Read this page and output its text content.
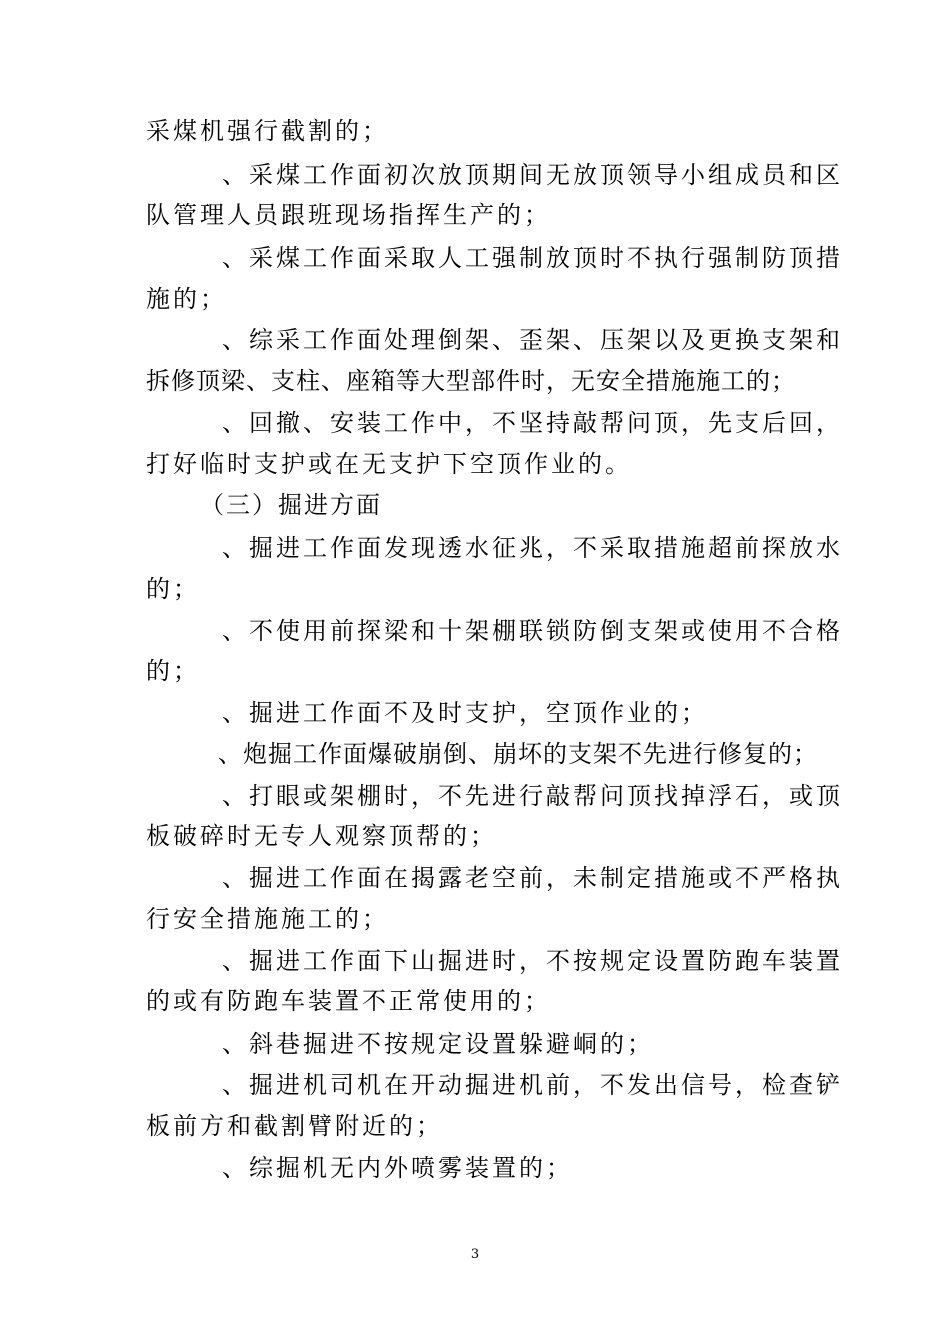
采煤机强行截割的；
、采煤工作面初次放顶期间无放顶领导小组成员和区
队管理人员跟班现场指挥生产的；
、采煤工作面采取人工强制放顶时不执行强制防顶措
施的；
、综采工作面处理倒架、歪架、压架以及更换支架和
拆修顶梁、支柱、座箱等大型部件时，无安全措施施工的；
、回撤、安装工作中，不坚持敲帮问顶，先支后回，
打好临时支护或在无支护下空顶作业的。
（三）掘进方面
、掘进工作面发现透水征兆，不采取措施超前探放水
的；
、不使用前探梁和十架棚联锁防倒支架或使用不合格
的；
、掘进工作面不及时支护，空顶作业的；
、炮掘工作面爆破崩倒、崩坏的支架不先进行修复的；
、打眼或架棚时，不先进行敲帮问顶找掉浮石，或顶
板破碎时无专人观察顶帮的；
、掘进工作面在揭露老空前，未制定措施或不严格执
行安全措施施工的；
、掘进工作面下山掘进时，不按规定设置防跑车装置
的或有防跑车装置不正常使用的；
、斜巷掘进不按规定设置躲避峒的；
、掘进机司机在开动掘进机前，不发出信号，检查铲
板前方和截割臂附近的；
、综掘机无内外喷雾装置的；
3
